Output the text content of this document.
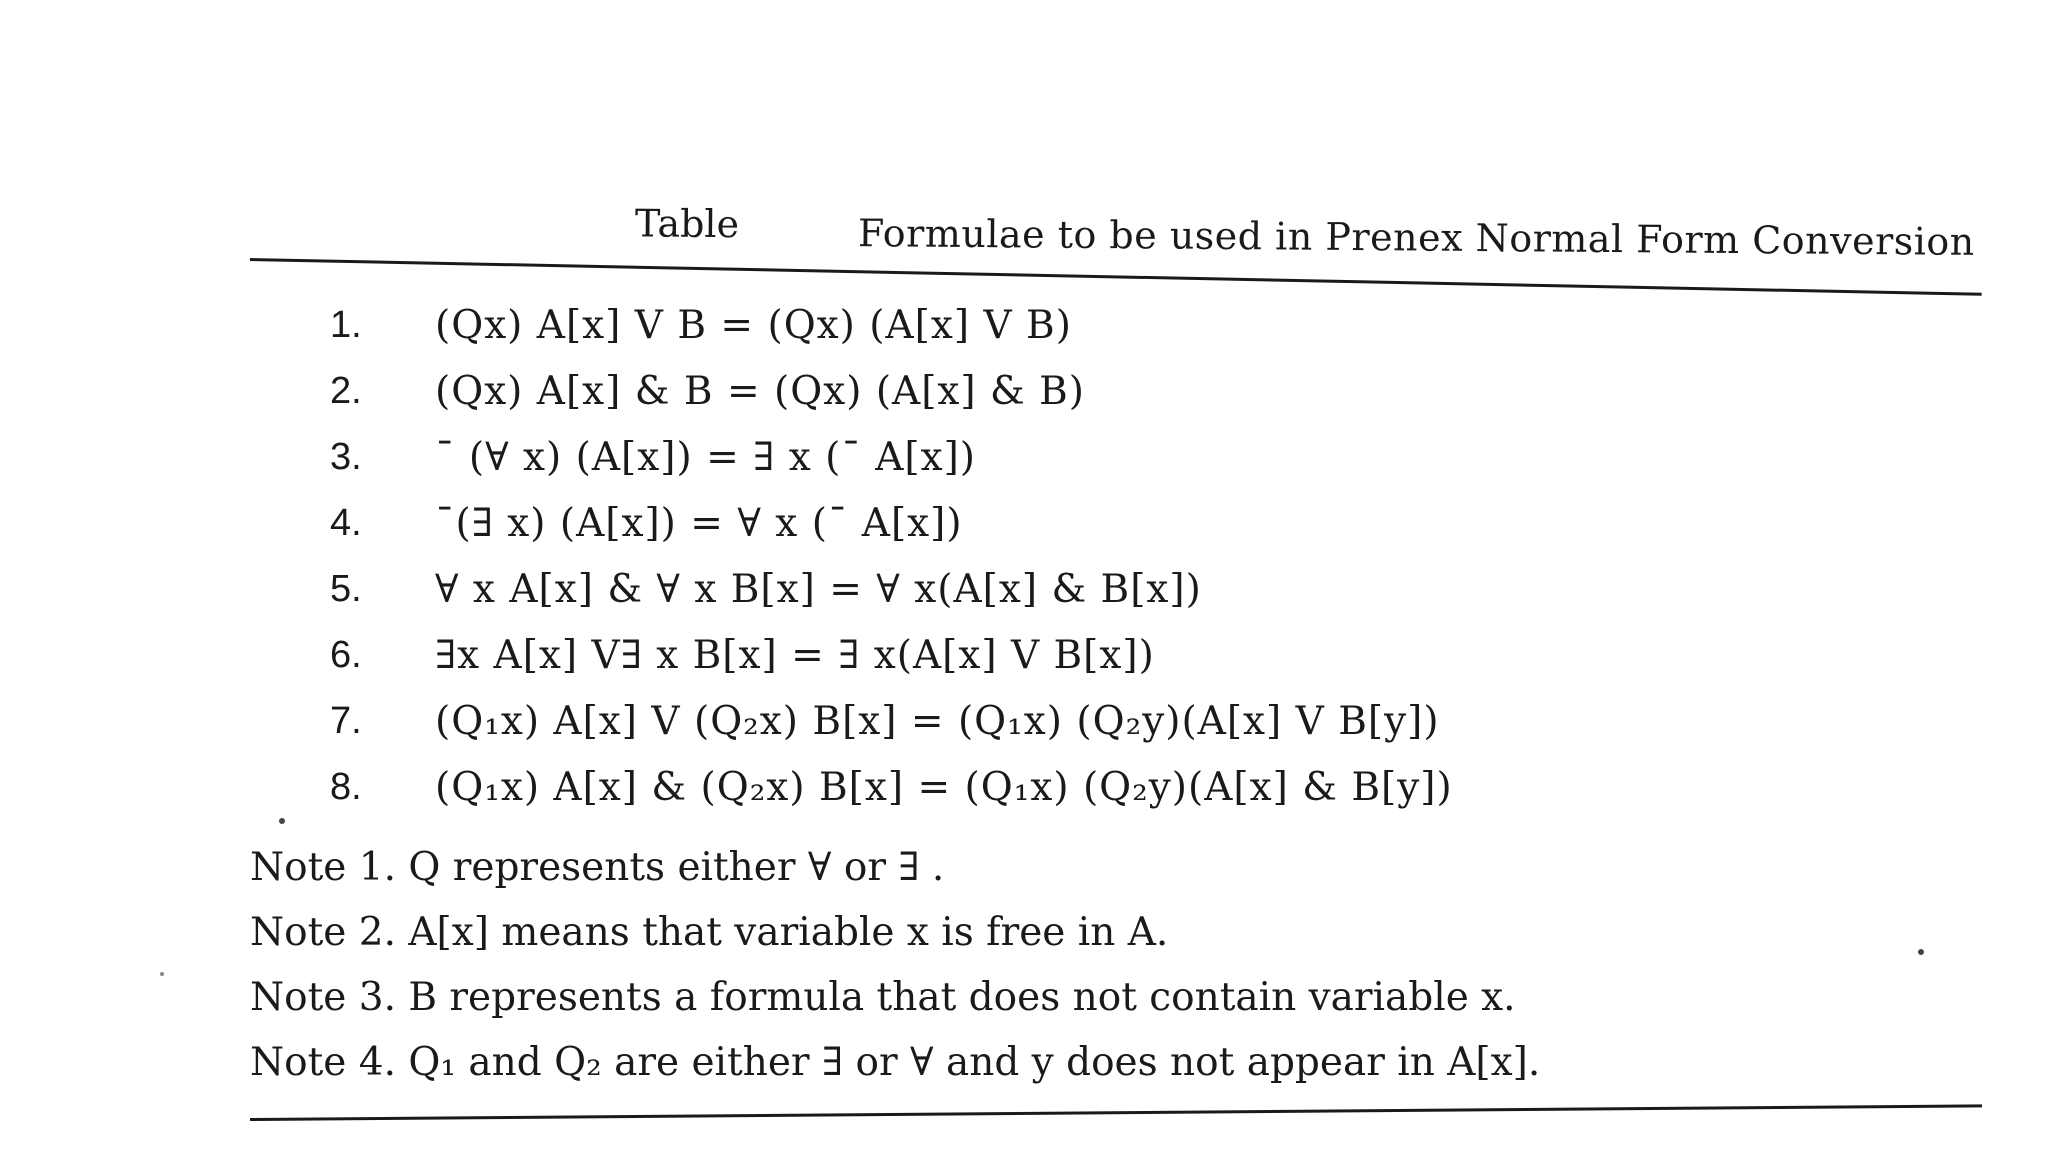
Table	Formulae to be used in Prenex Normal Form Conversion
1.	(Qx) A[x] V B = (Qx) (A[x] V B)
2.	(Qx) A[x] & B = (Qx) (A[x] & B)
3.	¯ (∀ x) (A[x]) = ∃ x (¯ A[x])
4.	¯(∃ x) (A[x]) = ∀ x (¯ A[x])
5.	∀ x A[x] & ∀ x B[x] = ∀ x(A[x] & B[x])
6.	∃x A[x] V∃ x B[x] = ∃ x(A[x] V B[x])
7.	(Q₁x) A[x] V (Q₂x) B[x] = (Q₁x) (Q₂y)(A[x] V B[y])
8.	(Q₁x) A[x] & (Q₂x) B[x] = (Q₁x) (Q₂y)(A[x] & B[y])
Note 1. Q represents either ∀ or ∃ .
Note 2. A[x] means that variable x is free in A.
Note 3. B represents a formula that does not contain variable x.
Note 4. Q₁ and Q₂ are either ∃ or ∀ and y does not appear in A[x].
